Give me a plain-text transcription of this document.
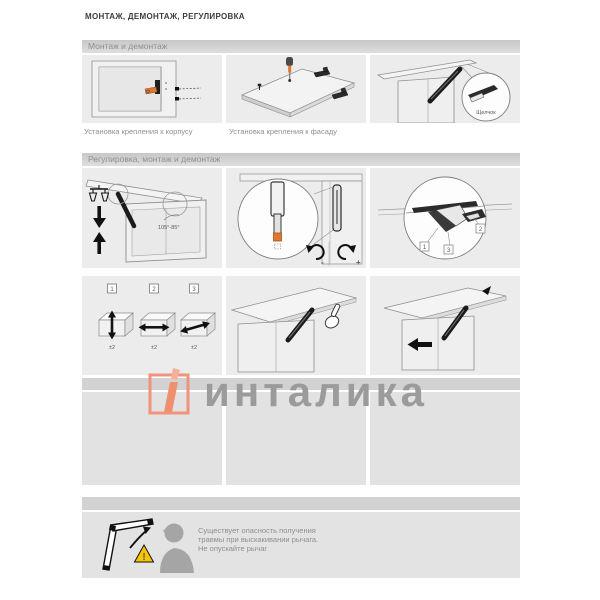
МОНТАЖ, ДЕМОНТАЖ, РЕГУЛИРОВКА
Монтаж и демонтаж
Щелчок
Установка крепления к корпусу	Установка крепления к фасаду
Регулировка, монтаж и демонтаж
105°-85°
-	+
1
2
3
1	2	3
±2	±2	±2
!
Существует опасность получения
травмы при выскакивании рычага.
Не опускайте рычаг
инталика
